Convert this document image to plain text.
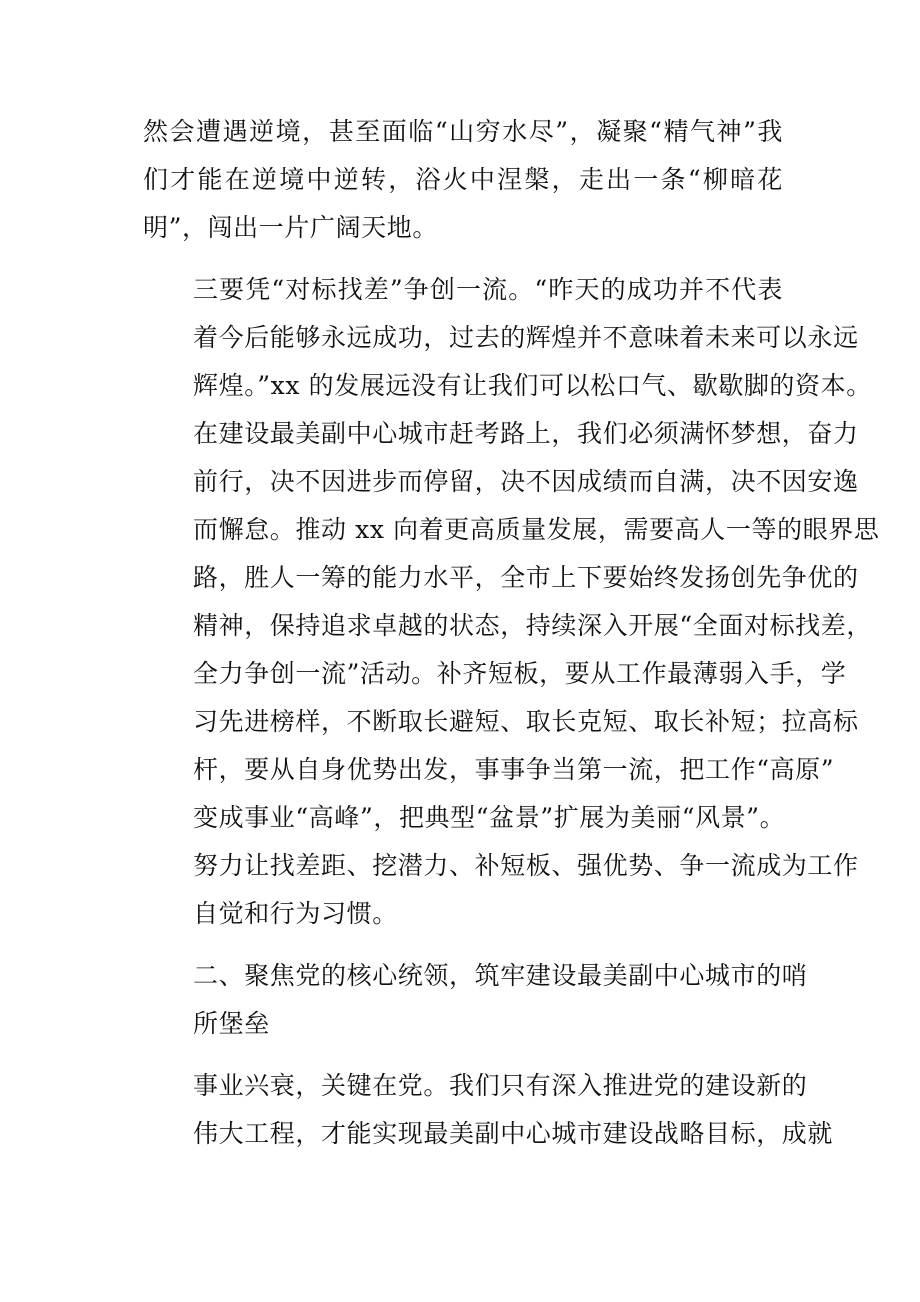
然会遭遇逆境，甚至面临“山穷水尽”，凝聚“精气神”我
们才能在逆境中逆转，浴火中涅槃，走出一条“柳暗花
明”，闯出一片广阔天地。

三要凭“对标找差”争创一流。“昨天的成功并不代表
着今后能够永远成功，过去的辉煌并不意味着未来可以永远
辉煌。”xx 的发展远没有让我们可以松口气、歇歇脚的资本。
在建设最美副中心城市赶考路上，我们必须满怀梦想，奋力
前行，决不因进步而停留，决不因成绩而自满，决不因安逸
而懈怠。推动 xx 向着更高质量发展，需要高人一等的眼界思
路，胜人一筹的能力水平，全市上下要始终发扬创先争优的
精神，保持追求卓越的状态，持续深入开展“全面对标找差，
全力争创一流”活动。补齐短板，要从工作最薄弱入手，学
习先进榜样，不断取长避短、取长克短、取长补短；拉高标
杆，要从自身优势出发，事事争当第一流，把工作“高原”
变成事业“高峰”，把典型“盆景”扩展为美丽“风景”。
努力让找差距、挖潜力、补短板、强优势、争一流成为工作
自觉和行为习惯。

二、聚焦党的核心统领，筑牢建设最美副中心城市的哨
所堡垒

事业兴衰，关键在党。我们只有深入推进党的建设新的
伟大工程，才能实现最美副中心城市建设战略目标，成就
